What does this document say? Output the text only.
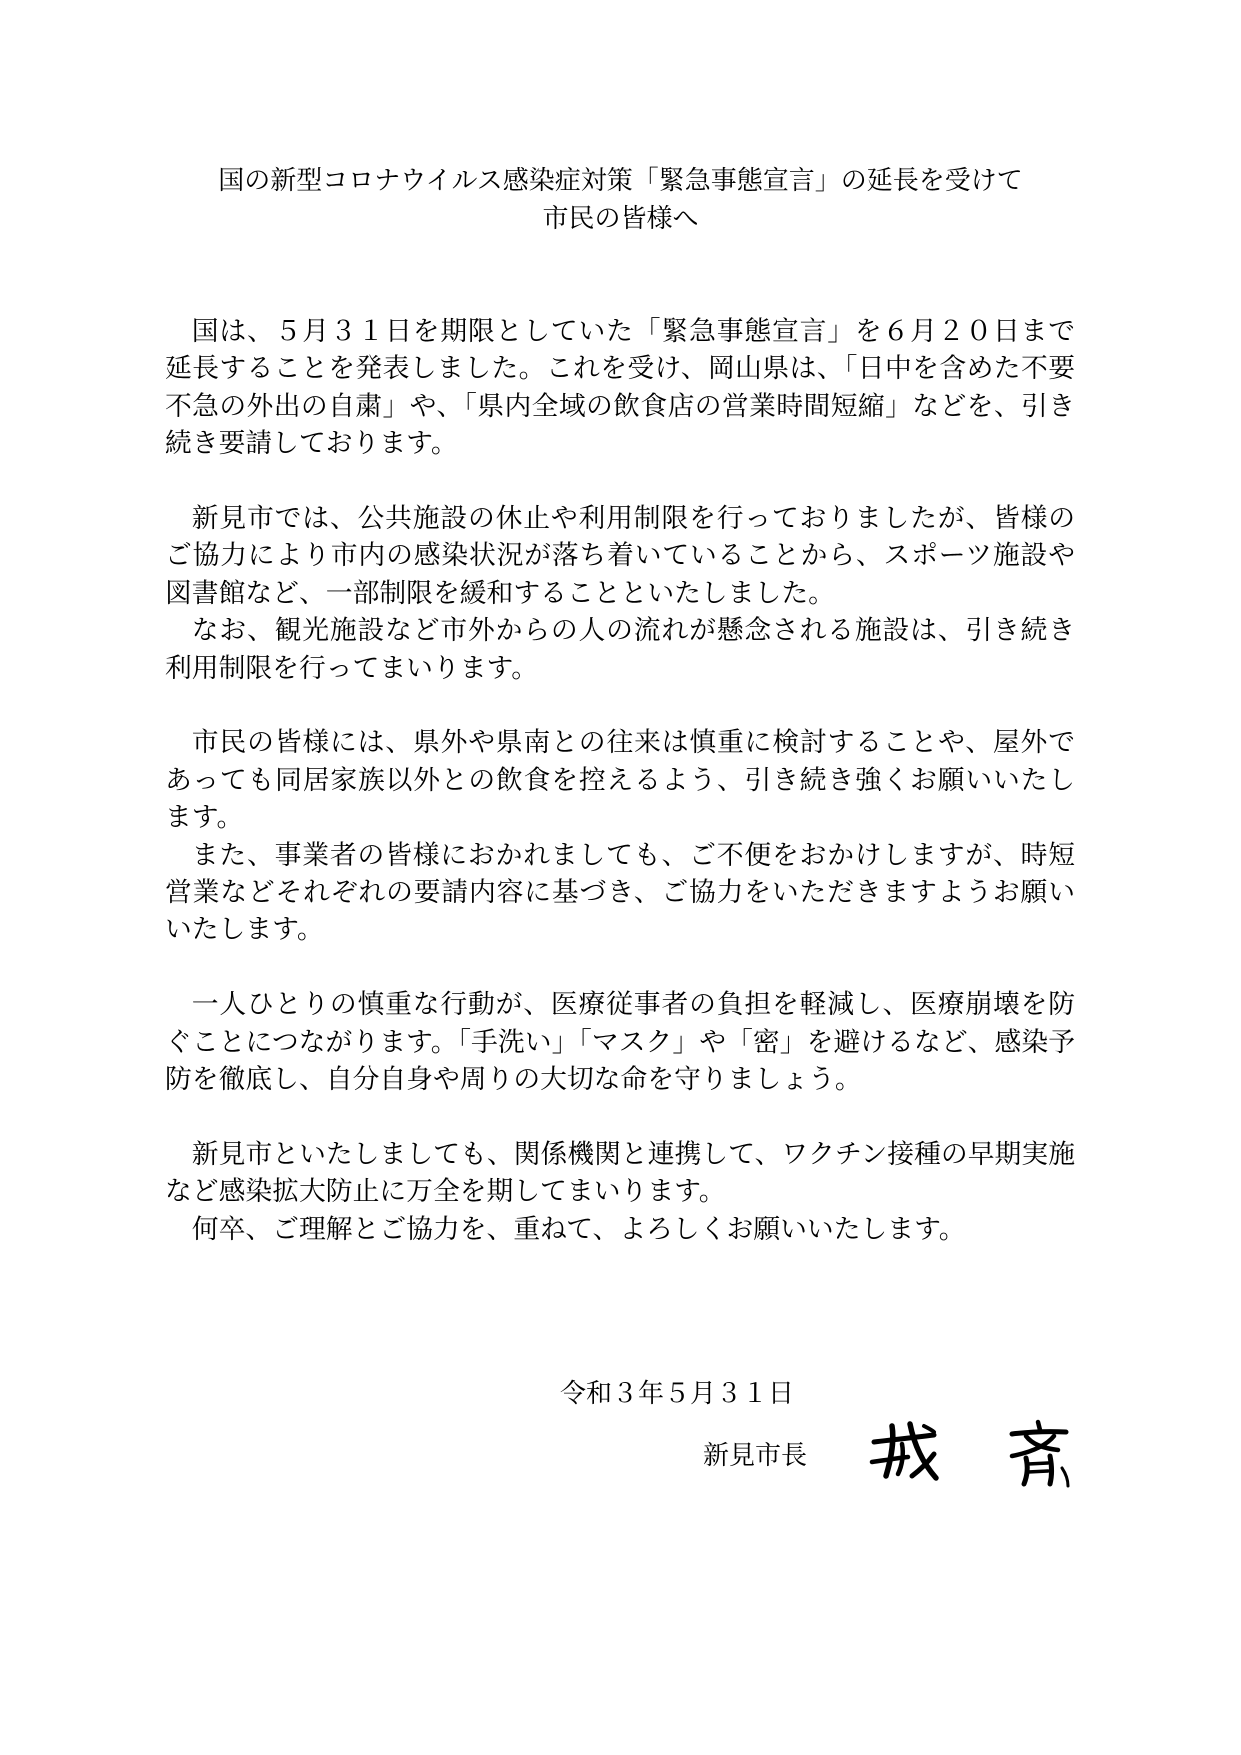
国の新型コロナウイルス感染症対策「緊急事態宣言」の延長を受けて
市民の皆様へ

国は、５月３１日を期限としていた「緊急事態宣言」を６月２０日まで延長することを発表しました。これを受け、岡山県は、「日中を含めた不要不急の外出の自粛」や、「県内全域の飲食店の営業時間短縮」などを、引き続き要請しております。

新見市では、公共施設の休止や利用制限を行っておりましたが、皆様のご協力により市内の感染状況が落ち着いていることから、スポーツ施設や図書館など、一部制限を緩和することといたしました。

なお、観光施設など市外からの人の流れが懸念される施設は、引き続き利用制限を行ってまいります。

市民の皆様には、県外や県南との往来は慎重に検討することや、屋外であっても同居家族以外との飲食を控えるよう、引き続き強くお願いいたします。

また、事業者の皆様におかれましても、ご不便をおかけしますが、時短営業などそれぞれの要請内容に基づき、ご協力をいただきますようお願いいたします。

一人ひとりの慎重な行動が、医療従事者の負担を軽減し、医療崩壊を防ぐことにつながります。「手洗い」「マスク」や「密」を避けるなど、感染予防を徹底し、自分自身や周りの大切な命を守りましょう。

新見市といたしましても、関係機関と連携して、ワクチン接種の早期実施など感染拡大防止に万全を期してまいります。

何卒、ご理解とご協力を、重ねて、よろしくお願いいたします。

令和３年５月３１日
新見市長
